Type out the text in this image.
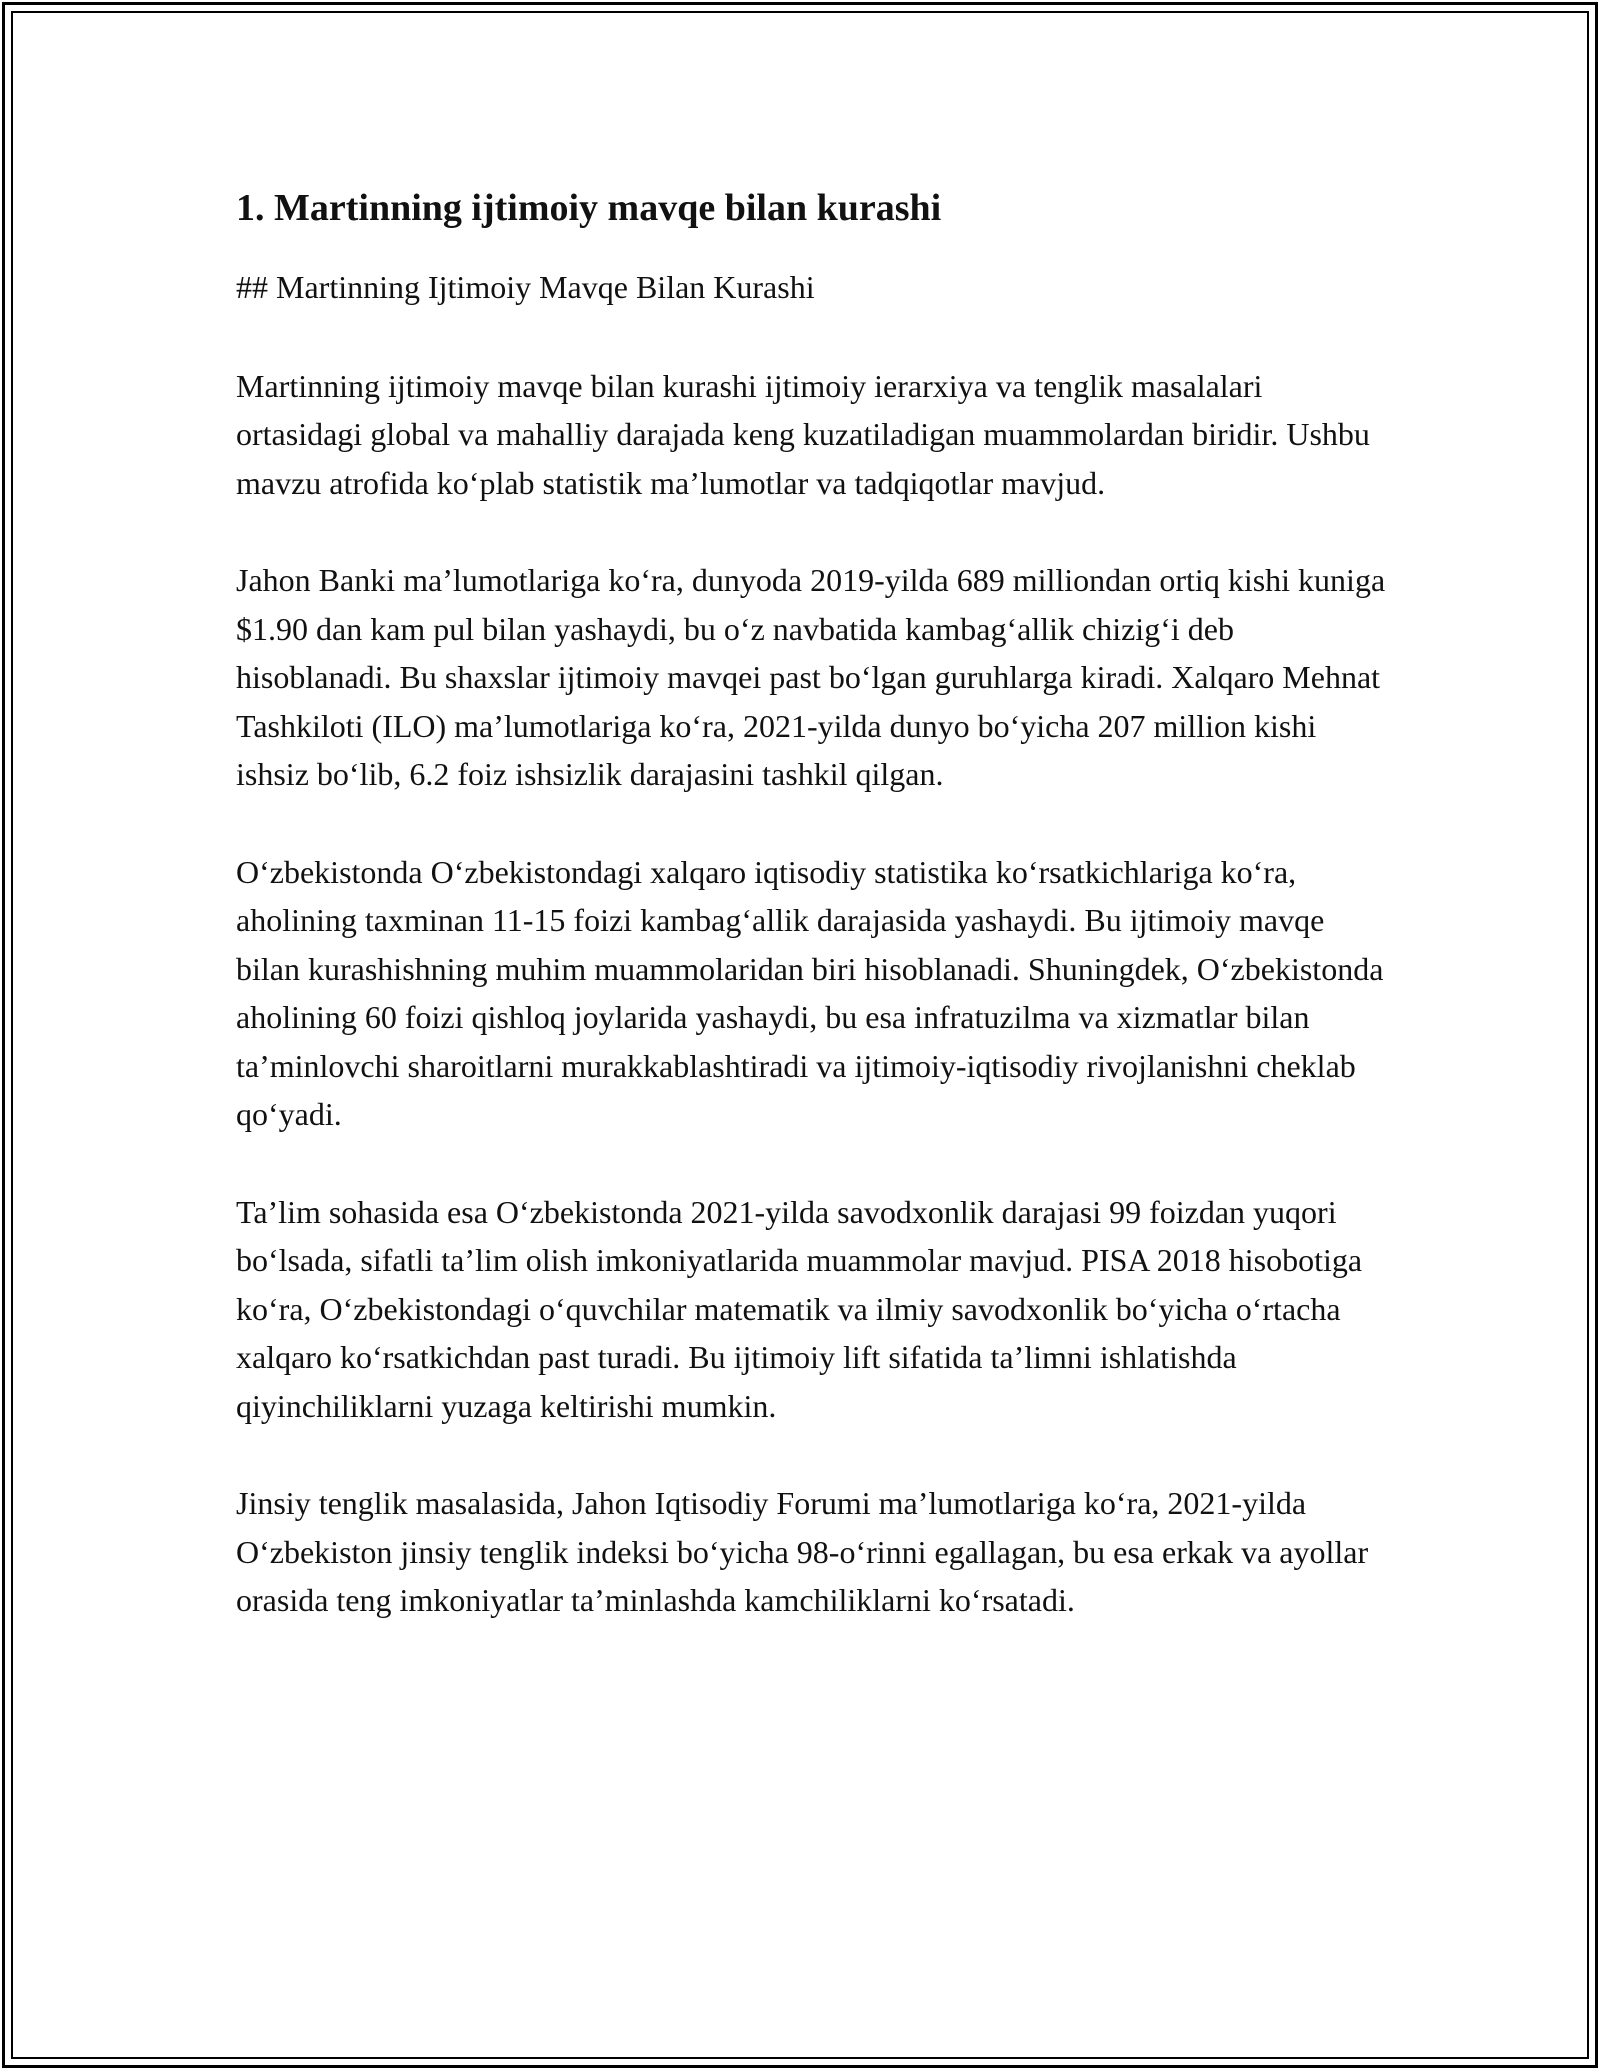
1. Martinning ijtimoiy mavqe bilan kurashi
## Martinning Ijtimoiy Mavqe Bilan Kurashi

Martinning ijtimoiy mavqe bilan kurashi ijtimoiy ierarxiya va tenglik masalalari ortasidagi global va mahalliy darajada keng kuzatiladigan muammolardan biridir. Ushbu mavzu atrofida koʻplab statistik maʼlumotlar va tadqiqotlar mavjud.

Jahon Banki maʼlumotlariga koʻra, dunyoda 2019-yilda 689 milliondan ortiq kishi kuniga $1.90 dan kam pul bilan yashaydi, bu oʻz navbatida kambagʻallik chizigʻi deb hisoblanadi. Bu shaxslar ijtimoiy mavqei past boʻlgan guruhlarga kiradi. Xalqaro Mehnat Tashkiloti (ILO) maʼlumotlariga koʻra, 2021-yilda dunyo boʻyicha 207 million kishi ishsiz boʻlib, 6.2 foiz ishsizlik darajasini tashkil qilgan.

Oʻzbekistonda Oʻzbekistondagi xalqaro iqtisodiy statistika koʻrsatkichlariga koʻra, aholining taxminan 11-15 foizi kambagʻallik darajasida yashaydi. Bu ijtimoiy mavqe bilan kurashishning muhim muammolaridan biri hisoblanadi. Shuningdek, Oʻzbekistonda aholining 60 foizi qishloq joylarida yashaydi, bu esa infratuzilma va xizmatlar bilan taʼminlovchi sharoitlarni murakkablashtiradi va ijtimoiy-iqtisodiy rivojlanishni cheklab qoʻyadi.

Taʼlim sohasida esa Oʻzbekistonda 2021-yilda savodxonlik darajasi 99 foizdan yuqori boʻlsada, sifatli taʼlim olish imkoniyatlarida muammolar mavjud. PISA 2018 hisobotiga koʻra, Oʻzbekistondagi oʻquvchilar matematik va ilmiy savodxonlik boʻyicha oʻrtacha xalqaro koʻrsatkichdan past turadi. Bu ijtimoiy lift sifatida taʼlimni ishlatishda qiyinchiliklarni yuzaga keltirishi mumkin.

Jinsiy tenglik masalasida, Jahon Iqtisodiy Forumi maʼlumotlariga koʻra, 2021-yilda Oʻzbekiston jinsiy tenglik indeksi boʻyicha 98-oʻrinni egallagan, bu esa erkak va ayollar orasida teng imkoniyatlar taʼminlashda kamchiliklarni koʻrsatadi.
